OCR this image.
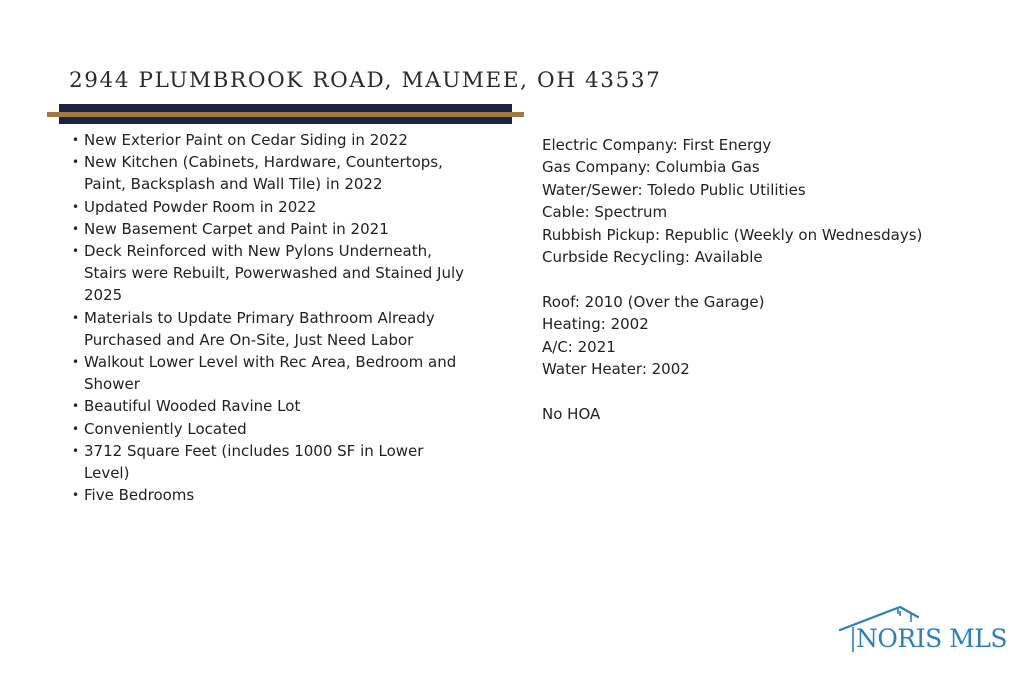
2944 PLUMBROOK ROAD, MAUMEE, OH 43537
• New Exterior Paint on Cedar Siding in 2022
• New Kitchen (Cabinets, Hardware, Countertops, Paint, Backsplash and Wall Tile) in 2022
• Updated Powder Room in 2022
• New Basement Carpet and Paint in 2021
• Deck Reinforced with New Pylons Underneath, Stairs were Rebuilt, Powerwashed and Stained July 2025
• Materials to Update Primary Bathroom Already Purchased and Are On-Site, Just Need Labor
• Walkout Lower Level with Rec Area, Bedroom and Shower
• Beautiful Wooded Ravine Lot
• Conveniently Located
• 3712 Square Feet (includes 1000 SF in Lower Level)
• Five Bedrooms
Electric Company: First Energy
Gas Company: Columbia Gas
Water/Sewer: Toledo Public Utilities
Cable: Spectrum
Rubbish Pickup: Republic (Weekly on Wednesdays)
Curbside Recycling: Available
Roof: 2010 (Over the Garage)
Heating: 2002
A/C: 2021
Water Heater: 2002
No HOA
NORIS MLS
